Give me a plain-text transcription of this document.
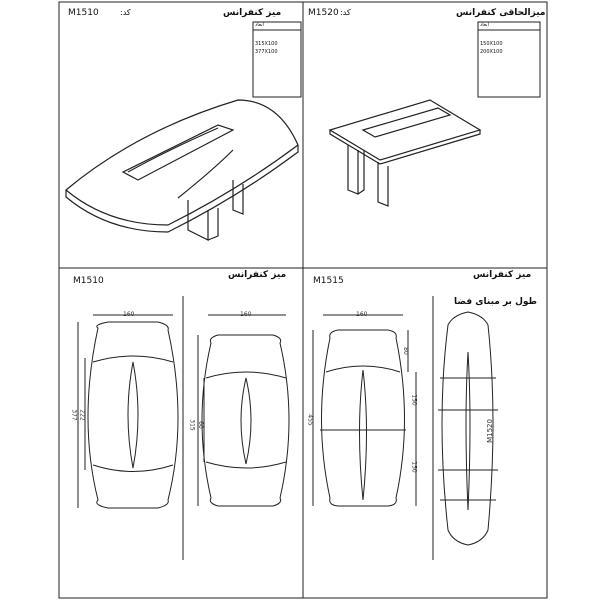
M1510	:کد	میز کنفرانس
ابعاد
315X100
377X100
M1520 :کد	میزالحاقی کنفرانس
ابعاد
150X100
200X100
M1510
میز کنفرانس
160	160
377 222
315 60
M1515
میز کنفرانس
طول بر مبنای فضا
160
455
80
150
150
M1520
